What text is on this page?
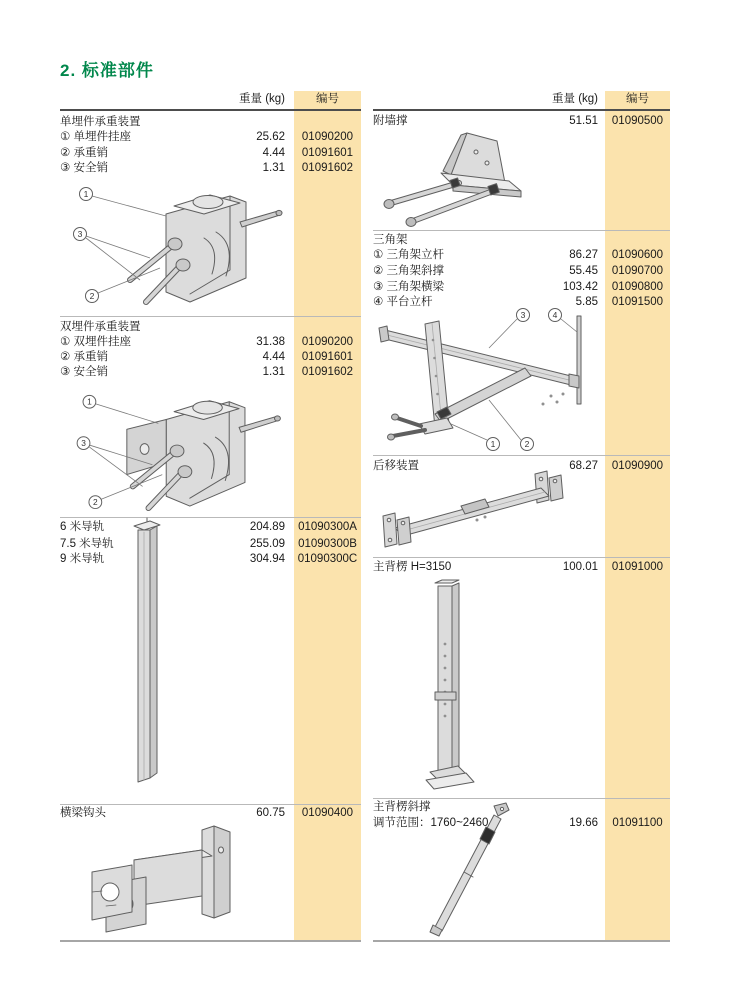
2. 标准部件
重量 (kg)	编号	重量 (kg)	编号
单埋件承重装置
① 单埋件挂座	25.62	01090200
② 承重销	4.44	01091601
③ 安全销	1.31	01091602
1
3
2
双埋件承重装置
① 双埋件挂座	31.38	01090200
② 承重销	4.44	01091601
③ 安全销	1.31	01091602
1
3
2
6 米导轨	204.89	01090300A
7.5 米导轨	255.09	01090300B
9 米导轨	304.94	01090300C
横梁钩头	60.75	01090400
附墙撑	51.51	01090500
三角架
① 三角架立杆	86.27	01090600
② 三角架斜撑	55.45	01090700
③ 三角架横梁	103.42	01090800
④ 平台立杆	5.85	01091500
3	4
1	2
后移装置	68.27	01090900
主背楞 H=3150	100.01	01091000
主背楞斜撑
调节范围：1760~2460	19.66	01091100
